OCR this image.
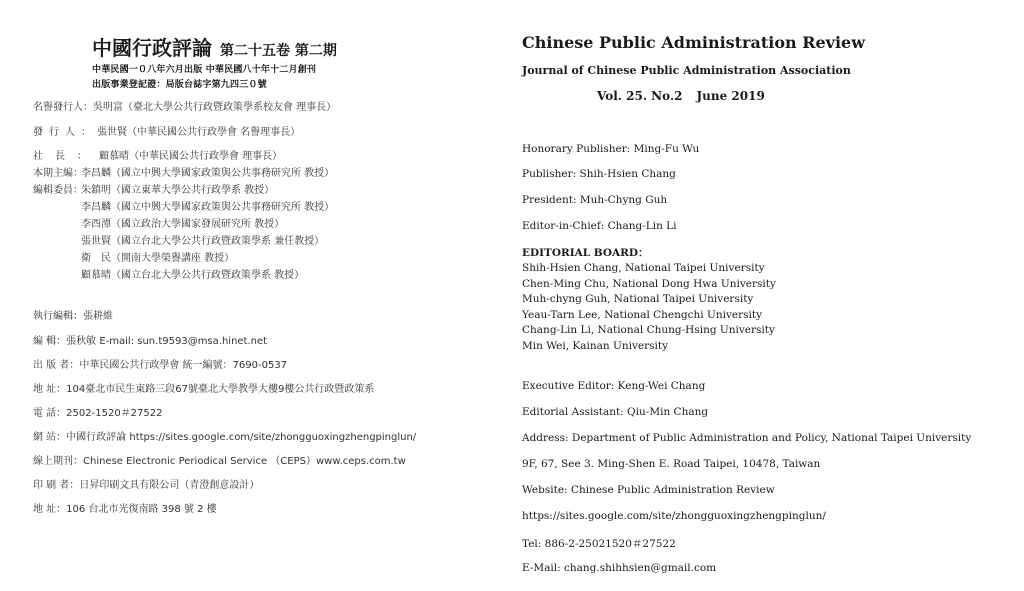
中國行政評論 第二十五卷 第二期
中華民國一０八年六月出版 中華民國八十年十二月創刊
出版事業登記證：局版台誌字第九四三０號
名譽發行人：吳明富（臺北大學公共行政暨政策學系校友會 理事長）
發行人：張世賢（中華民國公共行政學會 名譽理事長）
社長：顧慕晴（中華民國公共行政學會 理事長）
本期主編：
李昌麟（國立中興大學國家政策與公共事務研究所 教授）
編輯委員：
朱鎮明（國立東華大學公共行政學系 教授）
李昌麟（國立中興大學國家政策與公共事務研究所 教授）
李酉潭（國立政治大學國家發展研究所 教授）
張世賢（國立台北大學公共行政暨政策學系 兼任教授）
衛　民（開南大學榮譽講座 教授）
顧慕晴（國立台北大學公共行政暨政策學系 教授）
執行編輯：張耕維
編 輯：張秋敏 E-mail: sun.t9593@msa.hinet.net
出 版 者：中華民國公共行政學會 統一編號：7690-0537
地 址：104臺北市民生東路三段67號臺北大學教學大樓9樓公共行政暨政策系
電 話：2502-1520＃27522
網 站：中國行政評論 https://sites.google.com/site/zhongguoxingzhengpinglun/
線上期刊：Chinese Electronic Periodical Service （CEPS）www.ceps.com.tw
印 刷 者：日昇印刷文具有限公司（青澄創意設計）
地 址：106 台北市光復南路 398 號 2 樓
Chinese Public Administration Review
Journal of Chinese Public Administration Association
Vol. 25. No.2 June 2019
Honorary Publisher: Ming-Fu Wu
Publisher: Shih-Hsien Chang
President: Muh-Chyng Guh
Editor-in-Chief: Chang-Lin Li
EDITORIAL BOARD：
Shih-Hsien Chang, National Taipei University
Chen-Ming Chu, National Dong Hwa University
Muh-chyng Guh, National Taipei University
Yeau-Tarn Lee, National Chengchi University
Chang-Lin Li, National Chung-Hsing University
Min Wei, Kainan University
Executive Editor: Keng-Wei Chang
Editorial Assistant: Qiu-Min Chang
Address: Department of Public Administration and Policy, National Taipei University
9F, 67, See 3. Ming-Shen E. Road Taipei, 10478, Taiwan
Website: Chinese Public Administration Review
https://sites.google.com/site/zhongguoxingzhengpinglun/
Tel: 886-2-25021520＃27522
E-Mail: chang.shihhsien@gmail.com
